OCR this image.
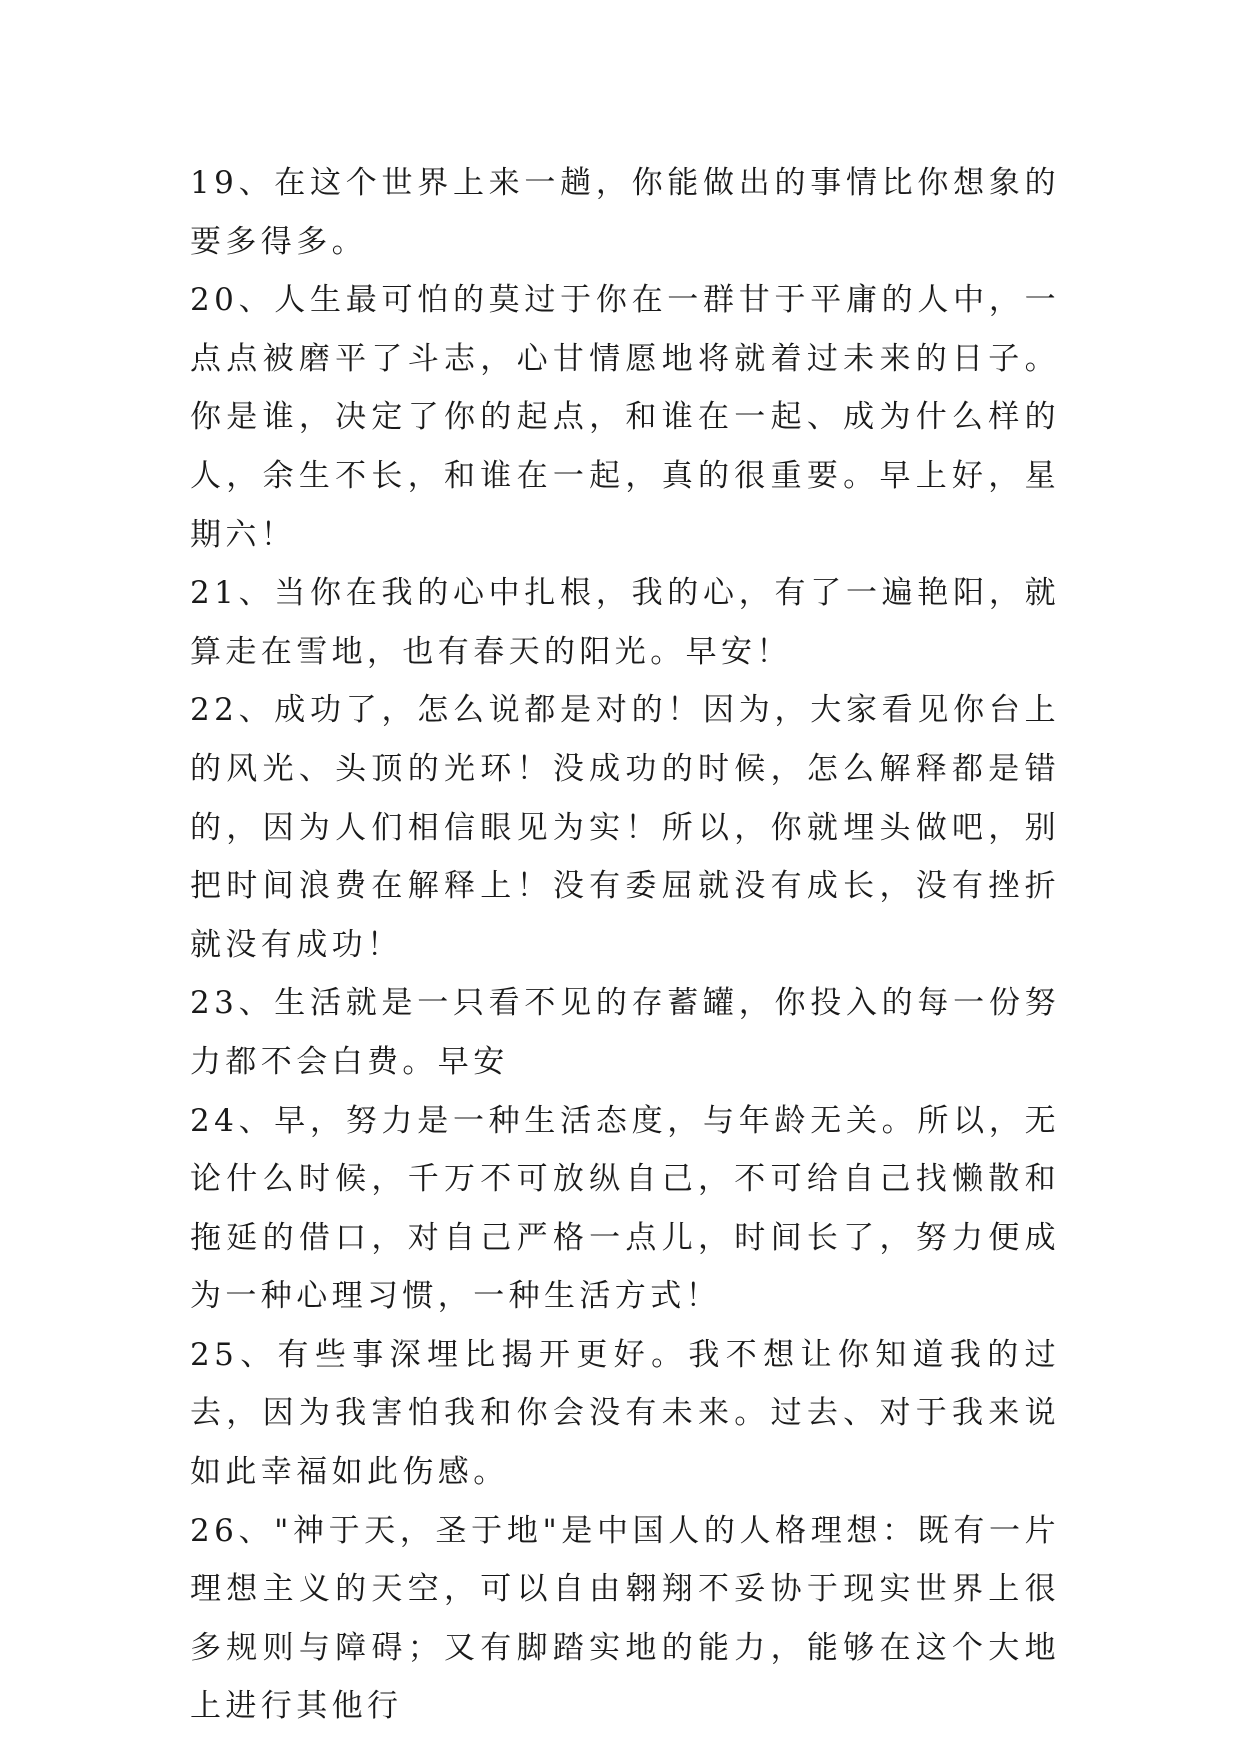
19、在这个世界上来一趟，你能做出的事情比你想象的要多得多。

20、人生最可怕的莫过于你在一群甘于平庸的人中，一点点被磨平了斗志，心甘情愿地将就着过未来的日子。你是谁，决定了你的起点，和谁在一起、成为什么样的人，余生不长，和谁在一起，真的很重要。早上好，星期六！

21、当你在我的心中扎根，我的心，有了一遍艳阳，就算走在雪地，也有春天的阳光。早安！

22、成功了，怎么说都是对的！因为，大家看见你台上的风光、头顶的光环！没成功的时候，怎么解释都是错的，因为人们相信眼见为实！所以，你就埋头做吧，别把时间浪费在解释上！没有委屈就没有成长，没有挫折就没有成功！

23、生活就是一只看不见的存蓄罐，你投入的每一份努力都不会白费。早安

24、早，努力是一种生活态度，与年龄无关。所以，无论什么时候，千万不可放纵自己，不可给自己找懒散和拖延的借口，对自己严格一点儿，时间长了，努力便成为一种心理习惯，一种生活方式！

25、有些事深埋比揭开更好。我不想让你知道我的过去，因为我害怕我和你会没有未来。过去、对于我来说如此幸福如此伤感。

26、"神于天，圣于地"是中国人的人格理想：既有一片理想主义的天空，可以自由翱翔不妥协于现实世界上很多规则与障碍；又有脚踏实地的能力，能够在这个大地上进行其他行
